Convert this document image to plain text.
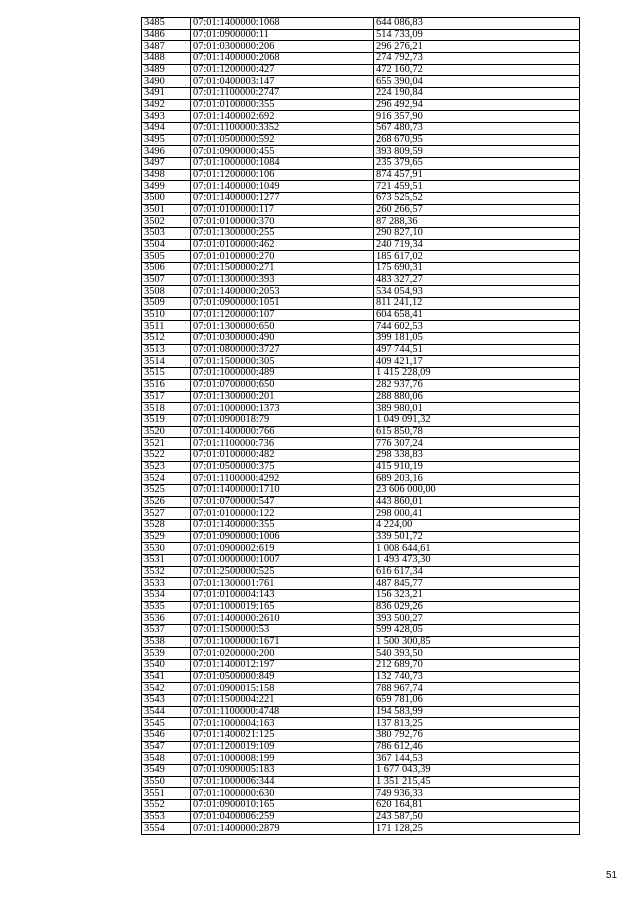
3485	07:01:1400000:1068	644 086,83
3486	07:01:0900000:11	514 733,09
3487	07:01:0300000:206	296 276,21
3488	07:01:1400000:2068	274 792,73
3489	07:01:1200000:427	472 160,72
3490	07:01:0400003:147	655 390,04
3491	07:01:1100000:2747	224 190,84
3492	07:01:0100000:355	296 492,94
3493	07:01:1400002:692	916 357,90
3494	07:01:1100000:3352	567 480,73
3495	07:01:0500000:592	268 670,95
3496	07:01:0900000:455	393 809,59
3497	07:01:1000000:1084	235 379,65
3498	07:01:1200000:106	874 457,91
3499	07:01:1400000:1049	721 459,51
3500	07:01:1400000:1277	673 525,52
3501	07:01:0100000:117	260 266,57
3502	07:01:0100000:370	87 288,36
3503	07:01:1300000:255	290 827,10
3504	07:01:0100000:462	240 719,34
3505	07:01:0100000:270	185 617,02
3506	07:01:1500000:271	175 690,31
3507	07:01:1300000:393	483 327,27
3508	07:01:1400000:2053	534 054,93
3509	07:01:0900000:1051	811 241,12
3510	07:01:1200000:107	604 658,41
3511	07:01:1300000:650	744 602,53
3512	07:01:0300000:490	399 181,05
3513	07:01:0800000:3727	497 744,51
3514	07:01:1500000:305	409 421,17
3515	07:01:1000000:489	1 415 228,09
3516	07:01:0700000:650	282 937,76
3517	07:01:1300000:201	288 880,06
3518	07:01:1000000:1373	389 980,01
3519	07:01:0900018:79	1 049 091,32
3520	07:01:1400000:766	615 850,78
3521	07:01:1100000:736	776 307,24
3522	07:01:0100000:482	298 338,83
3523	07:01:0500000:375	415 910,19
3524	07:01:1100000:4292	689 203,16
3525	07:01:1400000:1710	23 606 000,00
3526	07:01:0700000:547	443 860,01
3527	07:01:0100000:122	298 000,41
3528	07:01:1400000:355	4 224,00
3529	07:01:0900000:1006	339 501,72
3530	07:01:0900002:619	1 008 644,61
3531	07:01:0000000:1007	1 493 473,30
3532	07:01:2500000:525	616 617,34
3533	07:01:1300001:761	487 845,77
3534	07:01:0100004:143	156 323,21
3535	07:01:1000019:165	836 029,26
3536	07:01:1400000:2610	393 500,27
3537	07:01:1500000:53	599 428,05
3538	07:01:1000000:1671	1 500 300,85
3539	07:01:0200000:200	540 393,50
3540	07:01:1400012:197	212 689,70
3541	07:01:0500000:849	132 740,73
3542	07:01:0900015:158	788 967,74
3543	07:01:1500004:221	659 781,06
3544	07:01:1100000:4748	194 583,99
3545	07:01:1000004:163	137 813,25
3546	07:01:1400021:125	380 792,76
3547	07:01:1200019:109	786 612,46
3548	07:01:1000008:199	367 144,53
3549	07:01:0900005:183	1 677 043,39
3550	07:01:1000006:344	1 351 215,45
3551	07:01:1000000:630	749 936,33
3552	07:01:0900010:165	620 164,81
3553	07:01:0400006:259	243 587,50
3554	07:01:1400000:2879	171 128,25
51
